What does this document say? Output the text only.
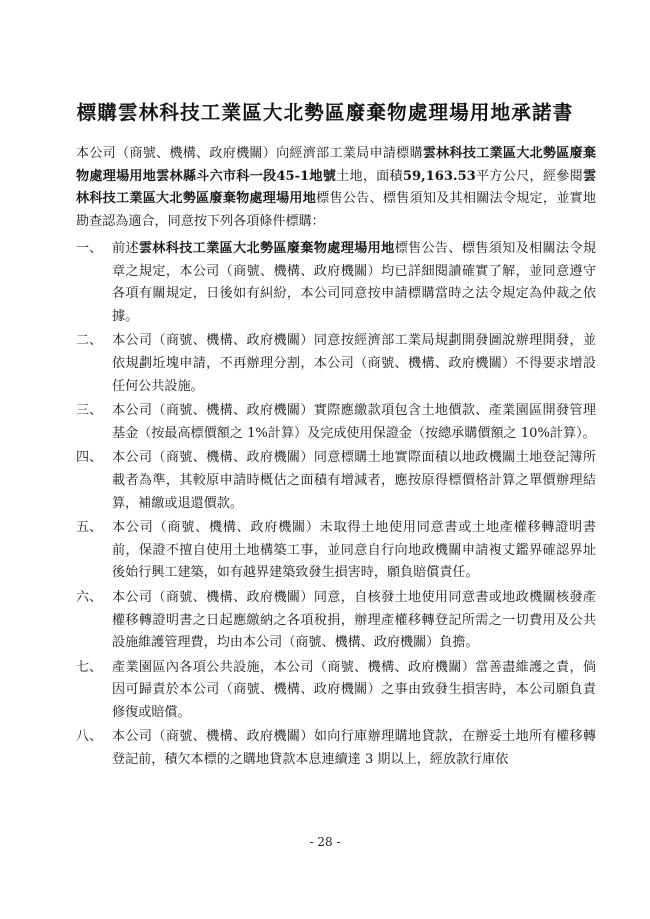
標購雲林科技工業區大北勢區廢棄物處理場用地承諾書
本公司（商號、機構、政府機關）向經濟部工業局申請標購雲林科技工業區大北勢區廢棄物處理場用地雲林縣斗六市科一段45-1地號土地，面積59,163.53平方公尺，經參閱雲林科技工業區大北勢區廢棄物處理場用地標售公告、標售須知及其相關法令規定，並實地勘查認為適合，同意按下列各項條件標購：
一、 前述雲林科技工業區大北勢區廢棄物處理場用地標售公告、標售須知及相關法令規章之規定，本公司（商號、機構、政府機關）均已詳細閱讀確實了解，並同意遵守各項有關規定，日後如有糾紛，本公司同意按申請標購當時之法令規定為仲裁之依據。
二、 本公司（商號、機構、政府機關）同意按經濟部工業局規劃開發圖說辦理開發，並依規劃坵塊申請，不再辦理分割，本公司（商號、機構、政府機關）不得要求增設任何公共設施。
三、 本公司（商號、機構、政府機關）實際應繳款項包含土地價款、產業園區開發管理基金（按最高標價額之 1%計算）及完成使用保證金（按總承購價額之 10%計算）。
四、 本公司（商號、機構、政府機關）同意標購土地實際面積以地政機關土地登記簿所載者為準，其較原申請時概估之面積有增減者，應按原得標價格計算之單價辦理結算，補繳或退還價款。
五、 本公司（商號、機構、政府機關）未取得土地使用同意書或土地產權移轉證明書前，保證不擅自使用土地構築工事，並同意自行向地政機關申請複丈鑑界確認界址後始行興工建築，如有越界建築致發生損害時，願負賠償責任。
六、 本公司（商號、機構、政府機關）同意，自核發土地使用同意書或地政機關核發產權移轉證明書之日起應繳納之各項稅捐，辦理產權移轉登記所需之一切費用及公共設施維護管理費，均由本公司（商號、機構、政府機關）負擔。
七、 產業園區內各項公共設施，本公司（商號、機構、政府機關）當善盡維護之責，倘因可歸責於本公司（商號、機構、政府機關）之事由致發生損害時，本公司願負責修復或賠償。
八、 本公司（商號、機構、政府機關）如向行庫辦理購地貸款，在辦妥土地所有權移轉登記前，積欠本標的之購地貸款本息連續達 3 期以上，經放款行庫依
- 28 -
